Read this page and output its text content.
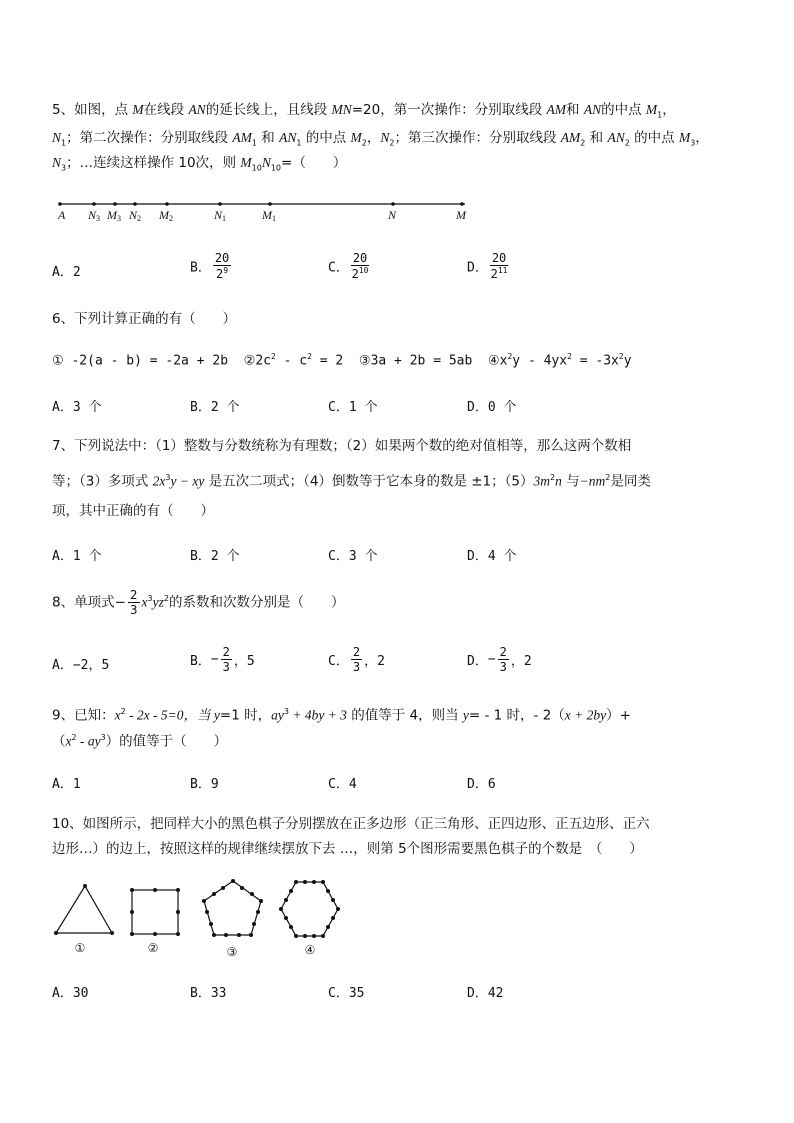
5、如图，点 M在线段 AN的延长线上，且线段 MN=20，第一次操作：分别取线段 AM和 AN的中点 $M_1$，
$N_1$；第二次操作：分别取线段 $AM_1$ 和 $AN_1$ 的中点 $M_2$，$N_2$；第三次操作：分别取线段 $AM_2$ 和 $AN_2$ 的中点 $M_3$，
$N_3$；…连续这样操作 10次，则 $M_{10}N_{10}=$（　　）
A N3 M3 N2 M2	N1	M1	N	M
A．2	B． $\frac{20}{2^9}$	C． $\frac{20}{2^{10}}$	D． $\frac{20}{2^{11}}$
6、下列计算正确的有（　　）
① -2(a - b) = -2a + 2b $②2c^2 - c^2 = 2$ ③3a + 2b = 5ab $④x^2y - 4yx^2 = -3x^2y$
A．3 个	B．2 个	C．1 个	D．0 个
7、下列说法中：（1）整数与分数统称为有理数；（2）如果两个数的绝对值相等，那么这两个数相
等；（3）多项式 $2x^3y$ − xy 是五次二项式；（4）倒数等于它本身的数是 ±1；$(5)3m^2n$ 与$-nm^2$是同类
项，其中正确的有（　　）
A．1 个	B．2 个	C．3 个	D．4 个
8、单项式− $\frac{2}{3} x^3yz^2$的系数和次数分别是（　　）
A．−2，5	B．− $\frac{2}{3}$ ，5	C． $\frac{2}{3}$ ，2	D．− $\frac{2}{3}$ ，2
9、已知：$x^2 - 2x - 5=0$，当 y=1 时，$ay^3 + 4by + 3$ 的值等于 4，则当 y= - 1 时，- 2（x + 2by）+
$(x^2 - ay^3)$的值等于（　　）
A．1	B．9	C．4	D．6
10、如图所示，把同样大小的黑色棋子分别摆放在正多边形（正三角形、正四边形、正五边形、正六
边形…）的边上，按照这样的规律继续摆放下去 …，则第 5个图形需要黑色棋子的个数是　（　　）
①	②	③	④
A．30	B．33	C．35	D．42
